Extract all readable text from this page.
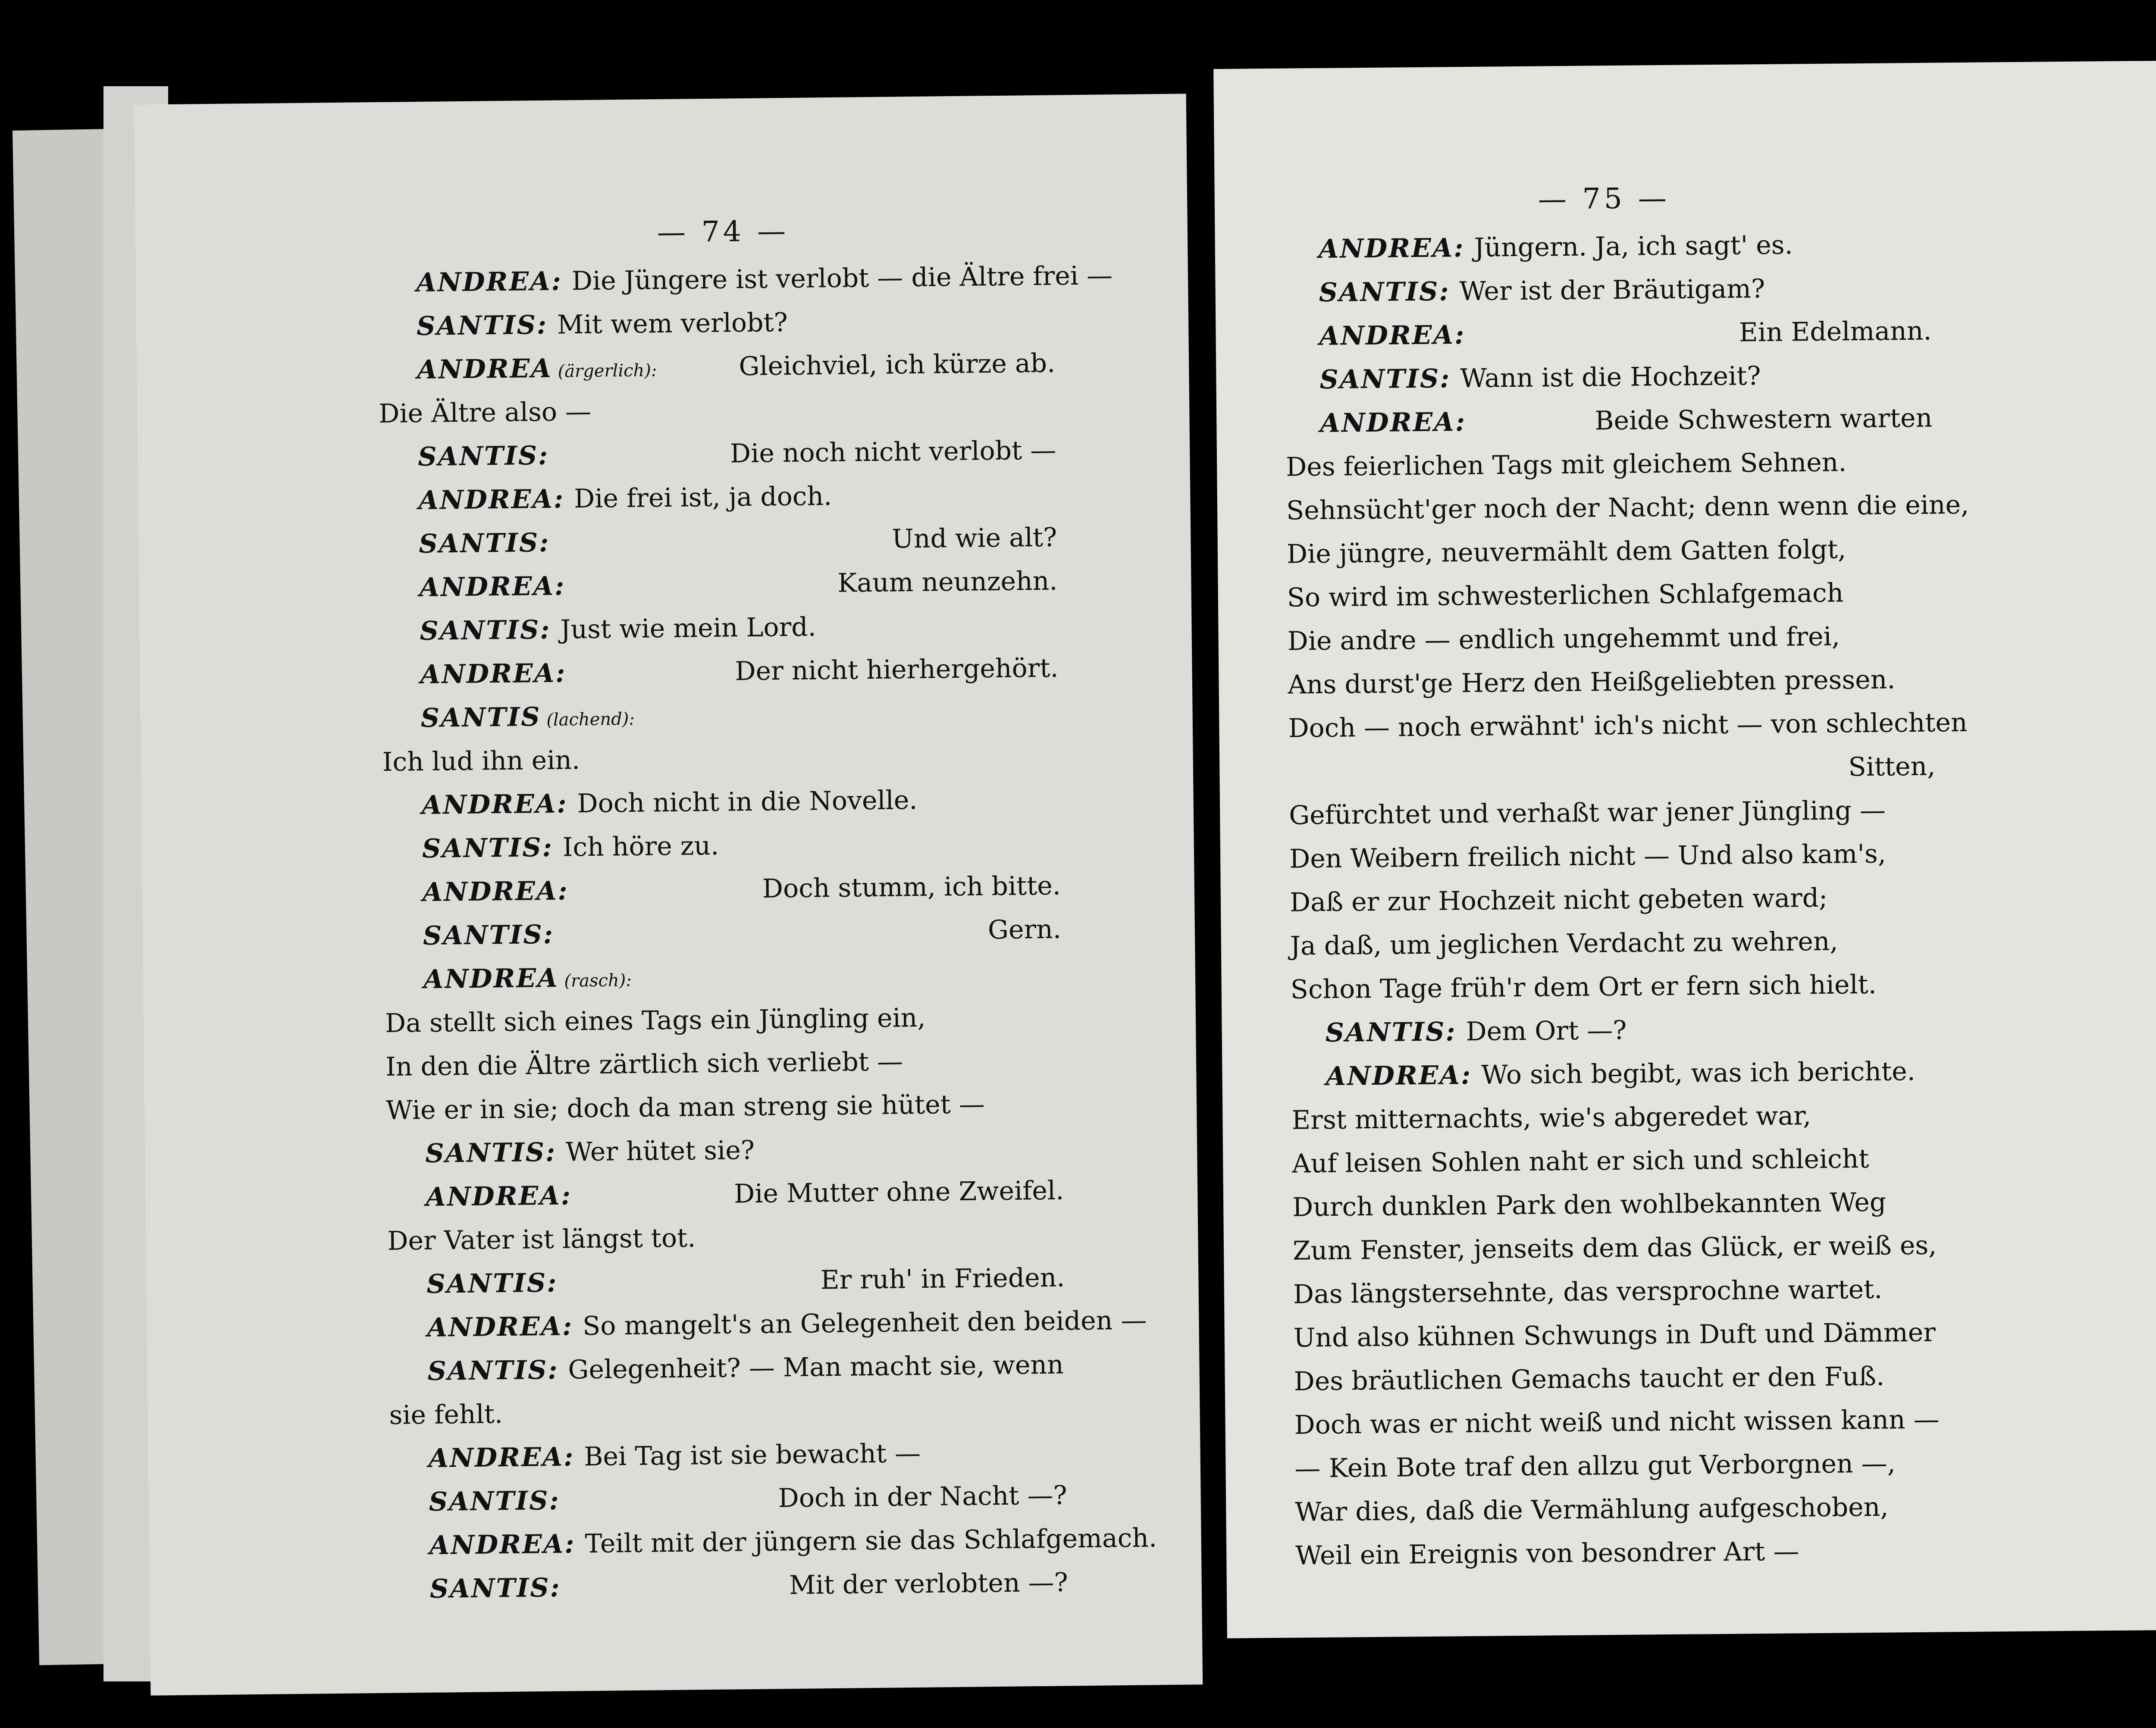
— 74 —
ANDREA: Die Jüngere ist verlobt — die Ältre frei —
SANTIS: Mit wem verlobt?
ANDREA (ärgerlich):	Gleichviel, ich kürze ab.
Die Ältre also —
SANTIS:	Die noch nicht verlobt —
ANDREA: Die frei ist, ja doch.
SANTIS:	Und wie alt?
ANDREA:	Kaum neunzehn.
SANTIS: Just wie mein Lord.
ANDREA:	Der nicht hierhergehört.
SANTIS (lachend):
Ich lud ihn ein.
ANDREA: Doch nicht in die Novelle.
SANTIS: Ich höre zu.
ANDREA:	Doch stumm, ich bitte.
SANTIS:	Gern.
ANDREA (rasch):
Da stellt sich eines Tags ein Jüngling ein,
In den die Ältre zärtlich sich verliebt —
Wie er in sie; doch da man streng sie hütet —
SANTIS: Wer hütet sie?
ANDREA:	Die Mutter ohne Zweifel.
Der Vater ist längst tot.
SANTIS:	Er ruh' in Frieden.
ANDREA: So mangelt's an Gelegenheit den beiden —
SANTIS: Gelegenheit? — Man macht sie, wenn
sie fehlt.
ANDREA: Bei Tag ist sie bewacht —
SANTIS:	Doch in der Nacht —?
ANDREA: Teilt mit der jüngern sie das Schlafgemach.
SANTIS:	Mit der verlobten —?
— 75 —
ANDREA: Jüngern. Ja, ich sagt' es.
SANTIS: Wer ist der Bräutigam?
ANDREA:	Ein Edelmann.
SANTIS: Wann ist die Hochzeit?
ANDREA:	Beide Schwestern warten
Des feierlichen Tags mit gleichem Sehnen.
Sehnsücht'ger noch der Nacht; denn wenn die eine,
Die jüngre, neuvermählt dem Gatten folgt,
So wird im schwesterlichen Schlafgemach
Die andre — endlich ungehemmt und frei,
Ans durst'ge Herz den Heißgeliebten pressen.
Doch — noch erwähnt' ich's nicht — von schlechten
Sitten,
Gefürchtet und verhaßt war jener Jüngling —
Den Weibern freilich nicht — Und also kam's,
Daß er zur Hochzeit nicht gebeten ward;
Ja daß, um jeglichen Verdacht zu wehren,
Schon Tage früh'r dem Ort er fern sich hielt.
SANTIS: Dem Ort —?
ANDREA: Wo sich begibt, was ich berichte.
Erst mitternachts, wie's abgeredet war,
Auf leisen Sohlen naht er sich und schleicht
Durch dunklen Park den wohlbekannten Weg
Zum Fenster, jenseits dem das Glück, er weiß es,
Das längstersehnte, das versprochne wartet.
Und also kühnen Schwungs in Duft und Dämmer
Des bräutlichen Gemachs taucht er den Fuß.
Doch was er nicht weiß und nicht wissen kann —
— Kein Bote traf den allzu gut Verborgnen —,
War dies, daß die Vermählung aufgeschoben,
Weil ein Ereignis von besondrer Art —
